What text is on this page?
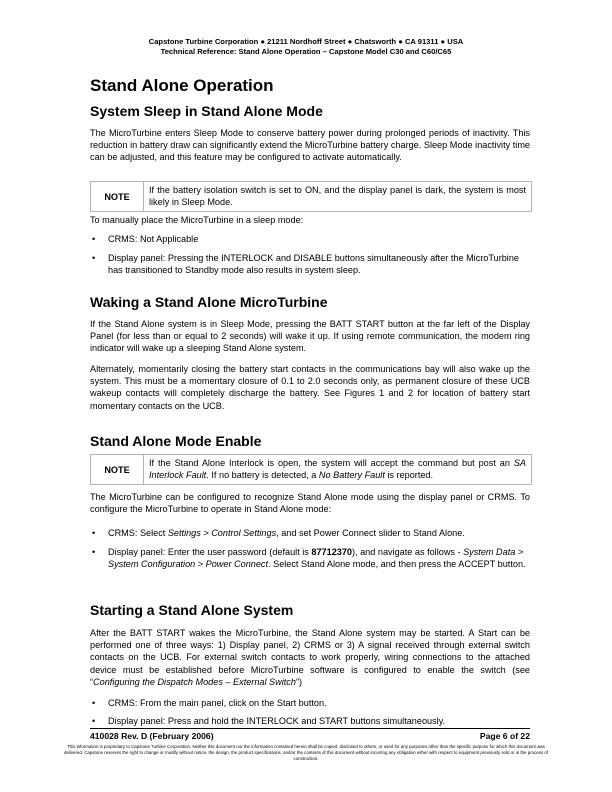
Capstone Turbine Corporation ● 21211 Nordhoff Street ● Chatsworth ● CA 91311 ● USA
Technical Reference: Stand Alone Operation – Capstone Model C30 and C60/C65
Stand Alone Operation
System Sleep in Stand Alone Mode
The MicroTurbine enters Sleep Mode to conserve battery power during prolonged periods of inactivity. This reduction in battery draw can significantly extend the MicroTurbine battery charge. Sleep Mode inactivity time can be adjusted, and this feature may be configured to activate automatically.
NOTE
If the battery isolation switch is set to ON, and the display panel is dark, the system is most likely in Sleep Mode.
To manually place the MicroTurbine in a sleep mode:
• CRMS: Not Applicable
• Display panel: Pressing the INTERLOCK and DISABLE buttons simultaneously after the MicroTurbine has transitioned to Standby mode also results in system sleep.
Waking a Stand Alone MicroTurbine
If the Stand Alone system is in Sleep Mode, pressing the BATT START button at the far left of the Display Panel (for less than or equal to 2 seconds) will wake it up. If using remote communication, the modem ring indicator will wake up a sleeping Stand Alone system.
Alternately, momentarily closing the battery start contacts in the communications bay will also wake up the system. This must be a momentary closure of 0.1 to 2.0 seconds only, as permanent closure of these UCB wakeup contacts will completely discharge the battery. See Figures 1 and 2 for location of battery start momentary contacts on the UCB.
Stand Alone Mode Enable
NOTE
If the Stand Alone Interlock is open, the system will accept the command but post an SA Interlock Fault. If no battery is detected, a No Battery Fault is reported.
The MicroTurbine can be configured to recognize Stand Alone mode using the display panel or CRMS. To configure the MicroTurbine to operate in Stand Alone mode:
• CRMS: Select Settings > Control Settings, and set Power Connect slider to Stand Alone.
• Display panel: Enter the user password (default is 87712370), and navigate as follows - System Data > System Configuration > Power Connect. Select Stand Alone mode, and then press the ACCEPT button.
Starting a Stand Alone System
After the BATT START wakes the MicroTurbine, the Stand Alone system may be started. A Start can be performed one of three ways: 1) Display panel, 2) CRMS or 3) A signal received through external switch contacts on the UCB. For external switch contacts to work properly, wiring connections to the attached device must be established before MicroTurbine software is configured to enable the switch (see “Configuring the Dispatch Modes – External Switch”)
• CRMS: From the main panel, click on the Start button.
• Display panel: Press and hold the INTERLOCK and START buttons simultaneously.
410028 Rev. D (February 2006)	Page 6 of 22
This information is proprietary to Capstone Turbine Corporation. Neither this document nor the information contained herein shall be copied, disclosed to others, or used for any purposes other than the specific purpose for which this document was delivered. Capstone reserves the right to change or modify without notice, the design, the product specifications, and/or the contents of this document without incurring any obligation either with respect to equipment previously sold or in the process of construction.
